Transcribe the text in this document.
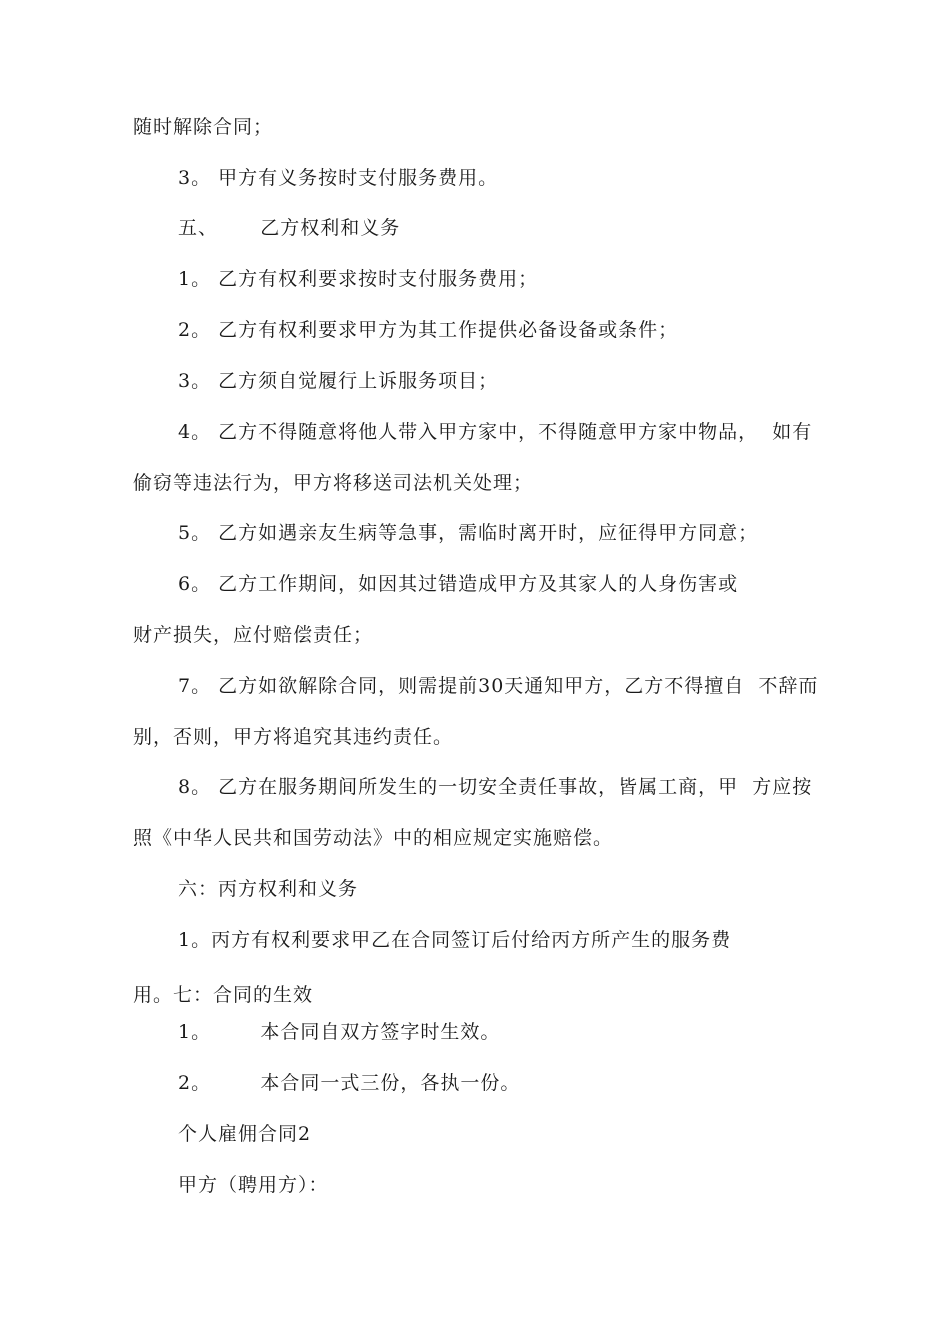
随时解除合同；
3。 甲方有义务按时支付服务费用。
五、      乙方权利和义务
1。 乙方有权利要求按时支付服务费用；
2。 乙方有权利要求甲方为其工作提供必备设备或条件；
3。 乙方须自觉履行上诉服务项目；
4。 乙方不得随意将他人带入甲方家中，不得随意甲方家中物品，  如有
偷窃等违法行为，甲方将移送司法机关处理；
5。 乙方如遇亲友生病等急事，需临时离开时，应征得甲方同意；
6。 乙方工作期间，如因其过错造成甲方及其家人的人身伤害或
财产损失，应付赔偿责任；
7。 乙方如欲解除合同，则需提前30天通知甲方，乙方不得擅自  不辞而
别，否则，甲方将追究其违约责任。
8。 乙方在服务期间所发生的一切安全责任事故，皆属工商，甲  方应按
照《中华人民共和国劳动法》中的相应规定实施赔偿。
六：丙方权利和义务
1。丙方有权利要求甲乙在合同签订后付给丙方所产生的服务费
用。七：合同的生效
1。       本合同自双方签字时生效。
2。       本合同一式三份，各执一份。
个人雇佣合同2
甲方（聘用方）：
